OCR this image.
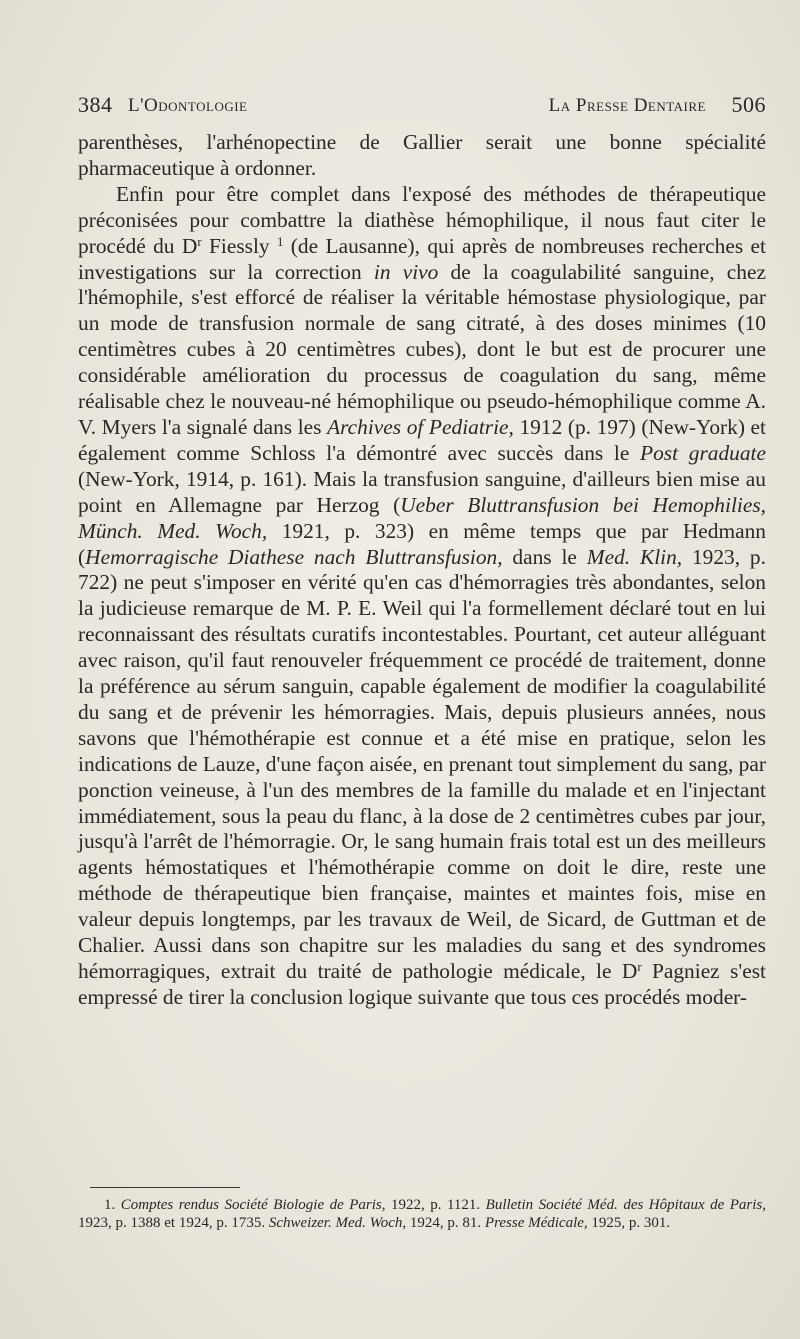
384 L'Odontologie	La Presse Dentaire 506

parenthèses, l'arhénopectine de Gallier serait une bonne spécialité pharmaceutique à ordonner.

Enfin pour être complet dans l'exposé des méthodes de thérapeutique préconisées pour combattre la diathèse hémophilique, il nous faut citer le procédé du $D^r$ Fiessly $^1$ (de Lausanne), qui après de nombreuses recherches et investigations sur la correction in vivo de la coagulabilité sanguine, chez l'hémophile, s'est efforcé de réaliser la véritable hémostase physiologique, par un mode de transfusion normale de sang citraté, à des doses minimes (10 centimètres cubes à 20 centimètres cubes), dont le but est de procurer une considérable amélioration du processus de coagulation du sang, même réalisable chez le nouveau-né hémophilique ou pseudo-hémophilique comme A. V. Myers l'a signalé dans les Archives of Pediatrie, 1912 (p. 197) (New-York) et également comme Schloss l'a démontré avec succès dans le Post graduate (New-York, 1914, p. 161). Mais la transfusion sanguine, d'ailleurs bien mise au point en Allemagne par Herzog (Ueber Bluttransfusion bei Hemophilies, Münch. Med. Woch, 1921, p. 323) en même temps que par Hedmann (Hemorragische Diathese nach Bluttransfusion, dans le Med. Klin, 1923, p. 722) ne peut s'imposer en vérité qu'en cas d'hémorragies très abondantes, selon la judicieuse remarque de M. P. E. Weil qui l'a formellement déclaré tout en lui reconnaissant des résultats curatifs incontestables. Pourtant, cet auteur alléguant avec raison, qu'il faut renouveler fréquemment ce procédé de traitement, donne la préférence au sérum sanguin, capable également de modifier la coagulabilité du sang et de prévenir les hémorragies. Mais, depuis plusieurs années, nous savons que l'hémothérapie est connue et a été mise en pratique, selon les indications de Lauze, d'une façon aisée, en prenant tout simplement du sang, par ponction veineuse, à l'un des membres de la famille du malade et en l'injectant immédiatement, sous la peau du flanc, à la dose de 2 centimètres cubes par jour, jusqu'à l'arrêt de l'hémorragie. Or, le sang humain frais total est un des meilleurs agents hémostatiques et l'hémothérapie comme on doit le dire, reste une méthode de thérapeutique bien française, maintes et maintes fois, mise en valeur depuis longtemps, par les travaux de Weil, de Sicard, de Guttman et de Chalier. Aussi dans son chapitre sur les maladies du sang et des syndromes hémorragiques, extrait du traité de pathologie médicale, le $D^r$ Pagniez s'est empressé de tirer la conclusion logique suivante que tous ces procédés moder-

1. Comptes rendus Société Biologie de Paris, 1922, p. 1121. Bulletin Société Méd. des Hôpitaux de Paris, 1923, p. 1388 et 1924, p. 1735. Schweizer. Med. Woch, 1924, p. 81. Presse Médicale, 1925, p. 301.
